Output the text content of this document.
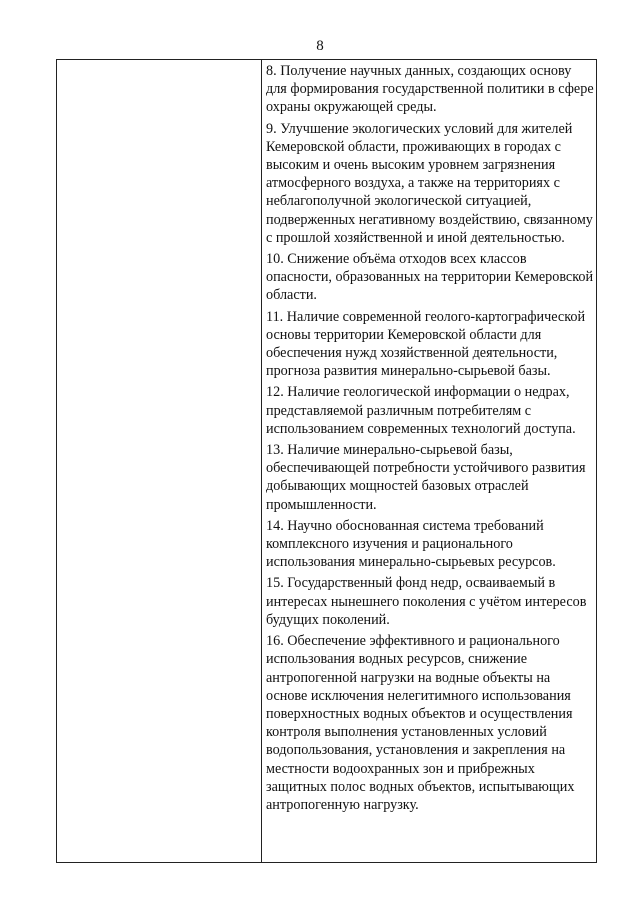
8

8. Получение научных данных, создающих основу для формирования государственной политики в сфере охраны окружающей среды.

9. Улучшение экологических условий для жителей Кемеровской области, проживающих в городах с высоким и очень высоким уровнем загрязнения атмосферного воздуха, а также на территориях с неблагополучной экологической ситуацией, подверженных негативному воздействию, связанному с прошлой хозяйственной и иной деятельностью.

10. Снижение объёма отходов всех классов опасности, образованных на территории Кемеровской области.

11. Наличие современной геолого-картографической основы территории Кемеровской области для обеспечения нужд хозяйственной деятельности, прогноза развития минерально-сырьевой базы.

12. Наличие геологической информации о недрах, представляемой различным потребителям с использованием современных технологий доступа.

13. Наличие минерально-сырьевой базы, обеспечивающей потребности устойчивого развития добывающих мощностей базовых отраслей промышленности.

14. Научно обоснованная система требований комплексного изучения и рационального использования минерально-сырьевых ресурсов.

15. Государственный фонд недр, осваиваемый в интересах нынешнего поколения с учётом интересов будущих поколений.

16. Обеспечение эффективного и рационального использования водных ресурсов, снижение антропогенной нагрузки на водные объекты на основе исключения нелегитимного использования поверхностных водных объектов и осуществления контроля выполнения установленных условий водопользования, установления и закрепления на местности водоохранных зон и прибрежных защитных полос водных объектов, испытывающих антропогенную нагрузку.
